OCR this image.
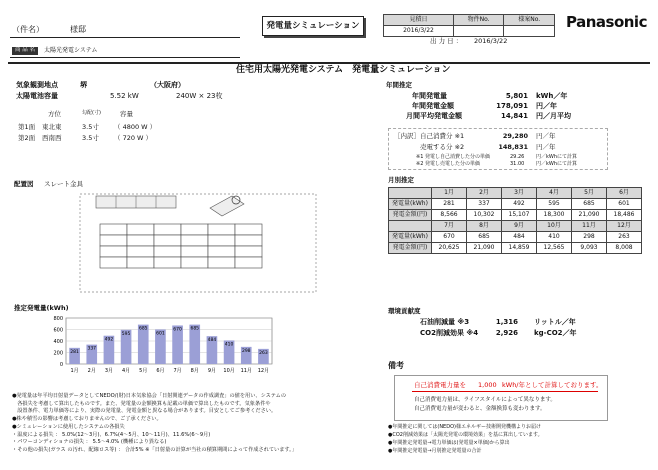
（件名）	様邸
商 品 名	太陽光発電システム
発電量シミュレーション
見積日	物件No.	様案No.
2016/3/22		
出 力 日 ： 2016/3/22
Panasonic
住宅用太陽光発電システム　発電量シミュレーション
気象観測地点	堺	（大阪府）
太陽電池容量	5.52 kW	240W × 23枚
方位	勾配(寸)	容量
第1面 東北東	3.5寸 （ 4800 W ）
第2面 西南西	3.5寸 （ 720 W ）
配置図 スレート金具
推定発電量(kWh)
0
200
400
600
800
281
1月
337
2月
492
3月
595
4月
685
5月
601
6月
670
7月
685
8月
484
9月
410
10月
298
11月
263
12月
年間推定
年間発電量	5,801 kWh／年
年間発電金額	178,091 円／年
月間平均発電金額	14,841 円／月平均
［内訳］ 自己消費分 ※1	29,280 円／年
売電する分 ※2	148,831 円／年
※1 発電し自己消費した分の単価	29.26 円／kWhにて計算
※2 発電し売電した分の単価	31.00 円／kWhにて計算
月別推定
	1月	2月	3月	4月	5月	6月
発電量(kWh)	281	337	492	595	685	601
発電金額(円)	8,566	10,302	15,107	18,300	21,090	18,486
	7月	8月	9月	10月	11月	12月
発電量(kWh)	670	685	484	410	298	263
発電金額(円)	20,625	21,090	14,859	12,565	9,093	8,008
環境貢献度
石油削減量 ※3	1,316 リットル／年
CO2削減効果 ※4	2,926 kg-CO2／年
備考
自己消費電力量を 1,000 kWh/年として計算しております。
自己消費電力量は、ライフスタイルによって異なります。
自己消費電力量が変わると、金額換算も変わります。
●年間推定に関しては(NEDO)様エネルギー技術開発機構よりお届け
●CO2削減効果は「太陽光発電の環境効果」を基に算出しています。
●年間推定発電量→電力単価は(発電量×単価)から算出
●年間推定発電量→月別推定発電量の合計
●発電量は年平均日射量データとしてNEDO/(財)日本気象協会「日射関連データの作成調査」の値を用い、システムの
　各損失を考慮して算出したものです。また、発電量の金額換算も記載の単価で算出したものです。気象条件や
　設置条件、電力単価等により、実際の発電量、発電金額と異なる場合があります。目安としてご参考ください。
●株や積雪の影響は考慮しておりませんので、ご了承ください。
●シミュレーションに使用したシステムの各損失
・温度による損失 ： 5.0%(12〜3月)、6.7%(4〜5月、10〜11月)、11.6%(6〜9月)
・パワーコンディショナの損失 ： 5.5〜4.0% (機種により異なる)
・その他の損失(ガラス の汚れ、配線ロス等) ： 合計5% ※「日射量の計算が当社の積算期間によって作成されています。」
